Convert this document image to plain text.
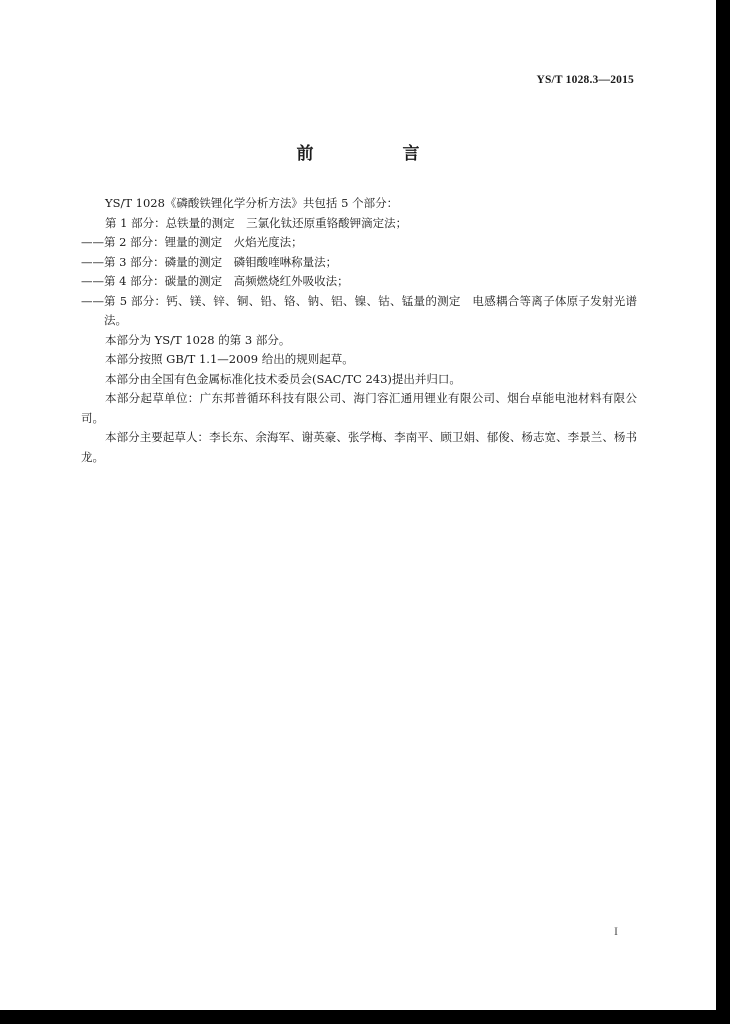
YS/T 1028.3—2015
前　言

YS/T 1028《磷酸铁锂化学分析方法》共包括 5 个部分：

第 1 部分：总铁量的测定　三氯化钛还原重铬酸钾滴定法；

—— 第 2 部分：锂量的测定　火焰光度法；
—— 第 3 部分：磷量的测定　磷钼酸喹啉称量法；
—— 第 4 部分：碳量的测定　高频燃烧红外吸收法；
—— 第 5 部分：钙、镁、锌、铜、铅、铬、钠、铝、镍、钴、锰量的测定　电感耦合等离子体原子发射光谱法。

本部分为 YS/T 1028 的第 3 部分。

本部分按照 GB/T 1.1—2009 给出的规则起草。

本部分由全国有色金属标准化技术委员会(SAC/TC 243)提出并归口。

本部分起草单位：广东邦普循环科技有限公司、海门容汇通用锂业有限公司、烟台卓能电池材料有限公司。

本部分主要起草人：李长东、余海军、谢英豪、张学梅、李南平、顾卫娟、郁俊、杨志宽、李景兰、杨书龙。

I
